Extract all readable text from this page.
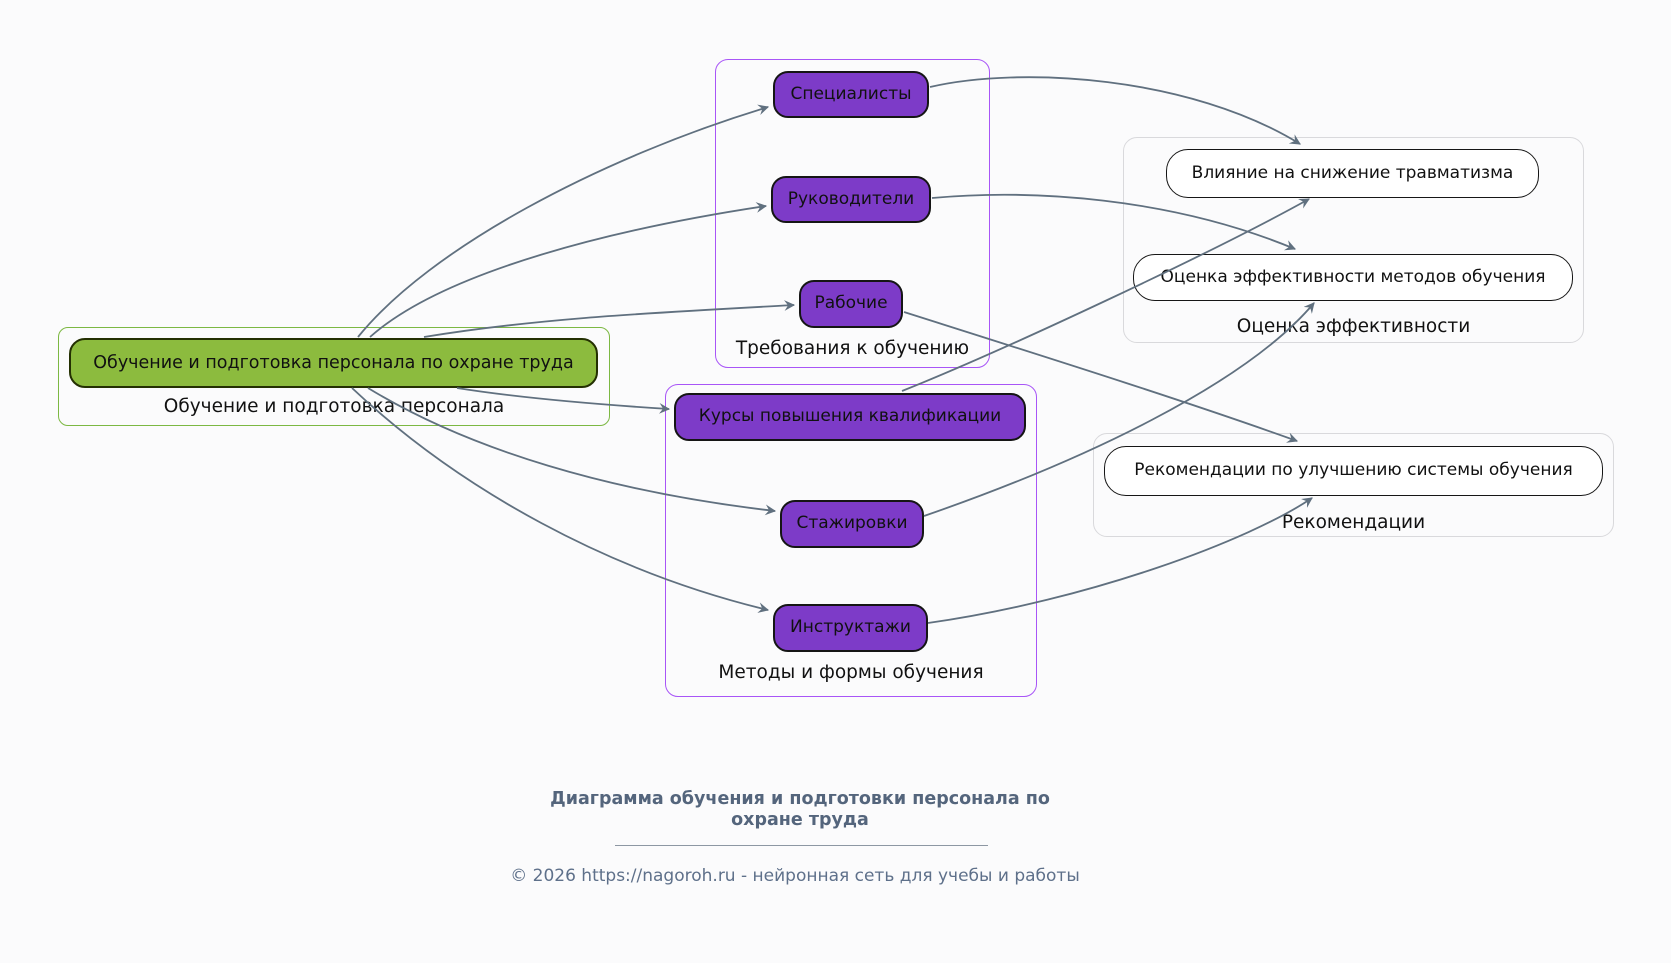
Обучение и подготовка персонала по охране труда
Обучение и подготовка персонала
Специалисты
Руководители
Рабочие
Требования к обучению
Курсы повышения квалификации
Стажировки
Инструктажи
Методы и формы обучения
Влияние на снижение травматизма
Оценка эффективности методов обучения
Оценка эффективности
Рекомендации по улучшению системы обучения
Рекомендации
Диаграмма обучения и подготовки персонала по
охране труда
© 2026 https://nagoroh.ru - нейронная сеть для учебы и работы
